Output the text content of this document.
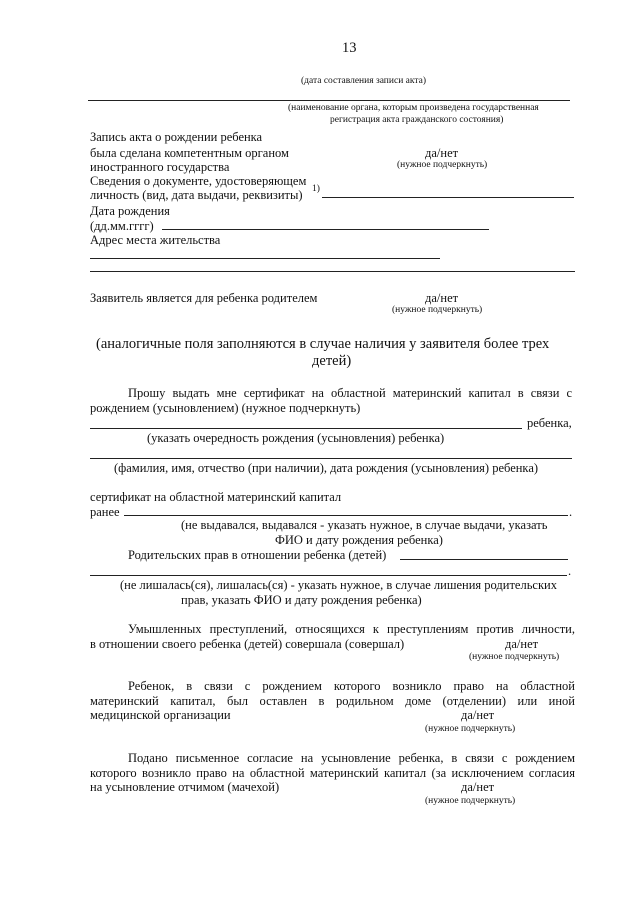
13
(дата составления записи акта)
(наименование органа, которым произведена государственная
регистрация акта гражданского состояния)
Запись акта о рождении ребенка
была сделана компетентным органом
иностранного государства
да/нет
(нужное подчеркнуть)
Сведения о документе, удостоверяющем
личность (вид, дата выдачи, реквизиты) 1)
Дата рождения
(дд.мм.гггг)
Адрес места жительства
Заявитель является для ребенка родителем	да/нет
(нужное подчеркнуть)
(аналогичные поля заполняются в случае наличия у заявителя более трех
детей)
Прошу выдать мне сертификат на областной материнский капитал в связи с
рождением (усыновлением) (нужное подчеркнуть)
ребенка,
(указать очередность рождения (усыновления) ребенка)
(фамилия, имя, отчество (при наличии), дата рождения (усыновления) ребенка)
сертификат на областной материнский капитал
ранее	.
(не выдавался, выдавался - указать нужное, в случае выдачи, указать
ФИО и дату рождения ребенка)
Родительских прав в отношении ребенка (детей)
.
(не лишалась(ся), лишалась(ся) - указать нужное, в случае лишения родительских
прав, указать ФИО и дату рождения ребенка)
Умышленных преступлений, относящихся к преступлениям против личности,
в отношении своего ребенка (детей) совершала (совершал)	да/нет
(нужное подчеркнуть)
Ребенок, в связи с рождением которого возникло право на областной
материнский капитал, был оставлен в родильном доме (отделении) или иной
медицинской организации	да/нет
(нужное подчеркнуть)
Подано письменное согласие на усыновление ребенка, в связи с рождением
которого возникло право на областной материнский капитал (за исключением согласия
на усыновление отчимом (мачехой)	да/нет
(нужное подчеркнуть)
